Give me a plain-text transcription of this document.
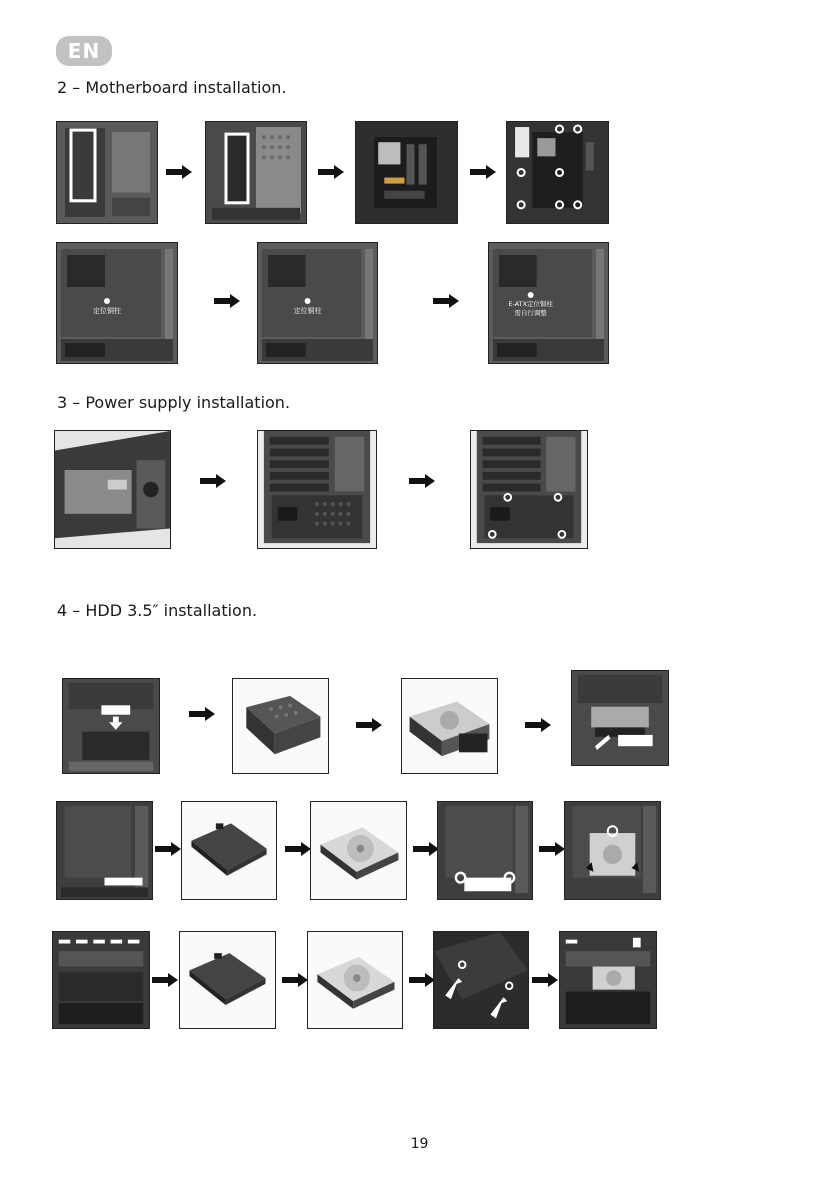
EN
2 – Motherboard installation.
3 – Power supply installation.
4 – HDD 3.5″ installation.
定位铜柱	定位铜柱
E-ATX定位铜柱
需自行调整
19
